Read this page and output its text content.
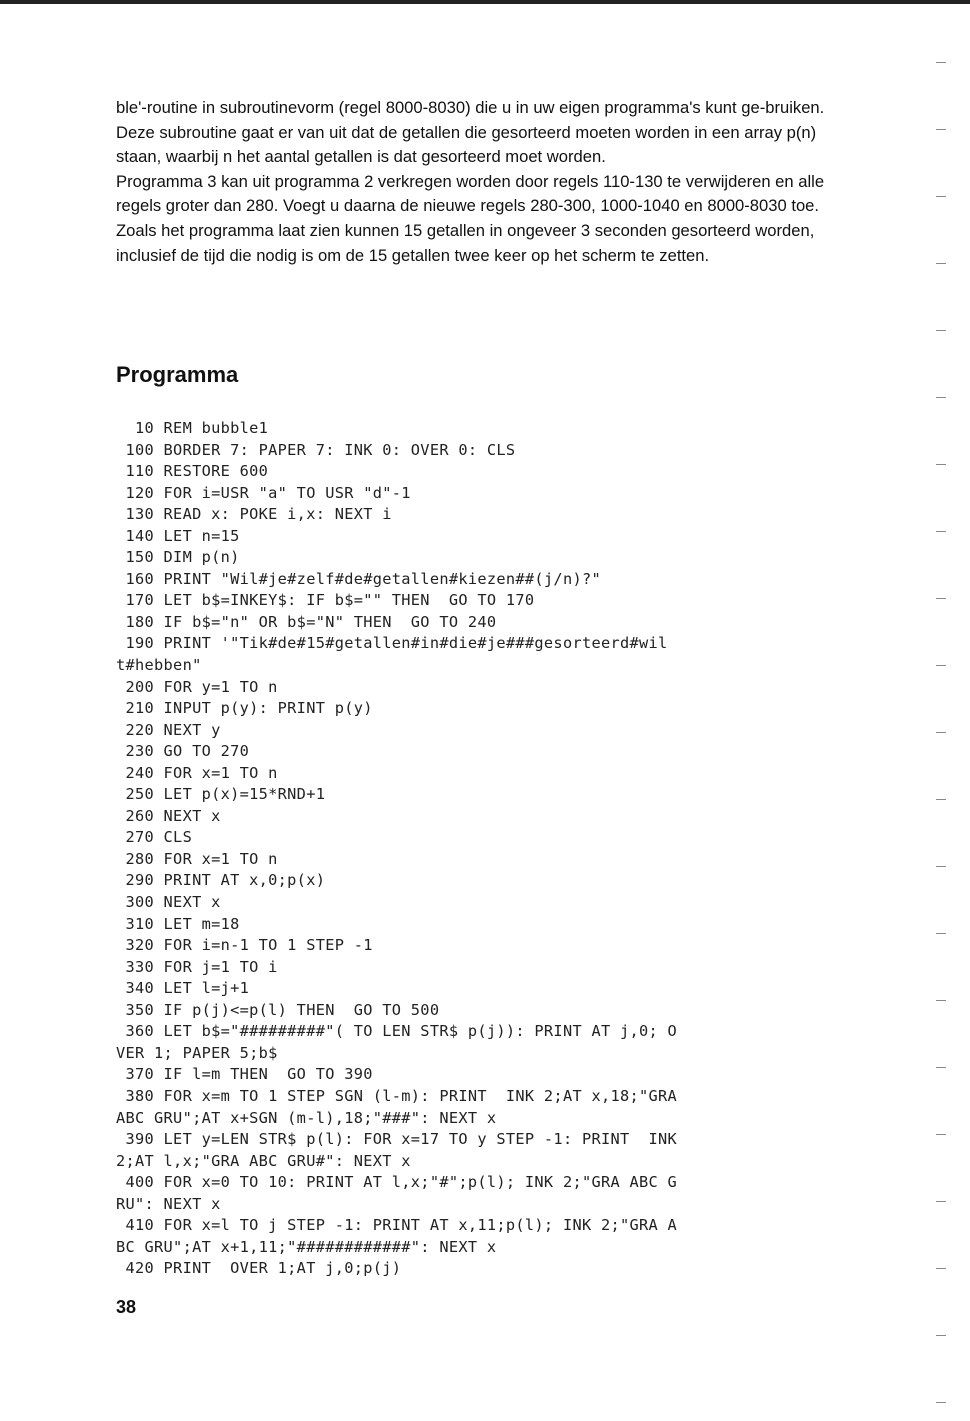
ble'-routine in subroutinevorm (regel 8000-8030) die u in uw eigen programma's kunt ge-bruiken.

Deze subroutine gaat er van uit dat de getallen die gesorteerd moeten worden in een array p(n) staan, waarbij n het aantal getallen is dat gesorteerd moet worden.

Programma 3 kan uit programma 2 verkregen worden door regels 110-130 te verwijderen en alle regels groter dan 280. Voegt u daarna de nieuwe regels 280-300, 1000-1040 en 8000-8030 toe.

Zoals het programma laat zien kunnen 15 getallen in ongeveer 3 seconden gesorteerd worden, inclusief de tijd die nodig is om de 15 getallen twee keer op het scherm te zetten.

Programma
10 REM bubble1
100 BORDER 7: PAPER 7: INK 0: OVER 0: CLS
110 RESTORE 600
120 FOR i=USR "a" TO USR "d"-1
130 READ x: POKE i,x: NEXT i
140 LET n=15
150 DIM p(n)
160 PRINT "Wil#je#zelf#de#getallen#kiezen##(j/n)?"
170 LET b$=INKEY$: IF b$="" THEN  GO TO 170
180 IF b$="n" OR b$="N" THEN  GO TO 240
190 PRINT '"Tik#de#15#getallen#in#die#je###gesorteerd#wil
t#hebben"
200 FOR y=1 TO n
210 INPUT p(y): PRINT p(y)
220 NEXT y
230 GO TO 270
240 FOR x=1 TO n
250 LET p(x)=15*RND+1
260 NEXT x
270 CLS
280 FOR x=1 TO n
290 PRINT AT x,0;p(x)
300 NEXT x
310 LET m=18
320 FOR i=n-1 TO 1 STEP -1
330 FOR j=1 TO i
340 LET l=j+1
350 IF p(j)<=p(l) THEN  GO TO 500
360 LET b$="#########"( TO LEN STR$ p(j)): PRINT AT j,0; O
VER 1; PAPER 5;b$
370 IF l=m THEN  GO TO 390
380 FOR x=m TO 1 STEP SGN (l-m): PRINT  INK 2;AT x,18;"GRA
ABC GRU";AT x+SGN (m-l),18;"###": NEXT x
390 LET y=LEN STR$ p(l): FOR x=17 TO y STEP -1: PRINT  INK
2;AT l,x;"GRA ABC GRU#": NEXT x
400 FOR x=0 TO 10: PRINT AT l,x;"#";p(l); INK 2;"GRA ABC G
RU": NEXT x
410 FOR x=l TO j STEP -1: PRINT AT x,11;p(l); INK 2;"GRA A
BC GRU";AT x+1,11;"############": NEXT x
420 PRINT  OVER 1;AT j,0;p(j)

38
